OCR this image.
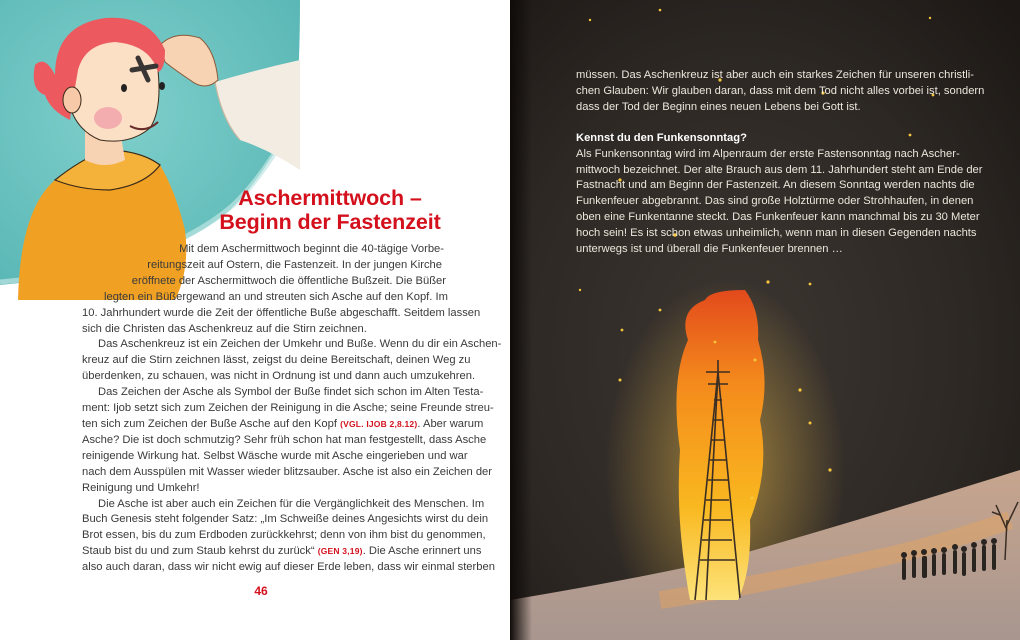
Aschermittwoch –
Beginn der Fastenzeit
Mit dem Aschermittwoch beginnt die 40-tägige Vorbe-
reitungszeit auf Ostern, die Fastenzeit. In der jungen Kirche
eröffnete der Aschermittwoch die öffentliche Bußzeit. Die Büßer
legten ein Büßergewand an und streuten sich Asche auf den Kopf. Im
10. Jahrhundert wurde die Zeit der öffentliche Buße abgeschafft. Seitdem lassen
sich die Christen das Aschenkreuz auf die Stirn zeichnen.
Das Aschenkreuz ist ein Zeichen der Umkehr und Buße. Wenn du dir ein Aschen-
kreuz auf die Stirn zeichnen lässt, zeigst du deine Bereitschaft, deinen Weg zu
überdenken, zu schauen, was nicht in Ordnung ist und dann auch umzukehren.
Das Zeichen der Asche als Symbol der Buße findet sich schon im Alten Testa-
ment: Ijob setzt sich zum Zeichen der Reinigung in die Asche; seine Freunde streu-
ten sich zum Zeichen der Buße Asche auf den Kopf (VGL. IJOB 2,8.12). Aber warum
Asche? Die ist doch schmutzig? Sehr früh schon hat man festgestellt, dass Asche
reinigende Wirkung hat. Selbst Wäsche wurde mit Asche eingerieben und war
nach dem Ausspülen mit Wasser wieder blitzsauber. Asche ist also ein Zeichen der
Reinigung und Umkehr!
Die Asche ist aber auch ein Zeichen für die Vergänglichkeit des Menschen. Im
Buch Genesis steht folgender Satz: „Im Schweiße deines Angesichts wirst du dein
Brot essen, bis du zum Erdboden zurückkehrst; denn von ihm bist du genommen,
Staub bist du und zum Staub kehrst du zurück“ (GEN 3,19). Die Asche erinnert uns
also auch daran, dass wir nicht ewig auf dieser Erde leben, dass wir einmal sterben
46
müssen. Das Aschenkreuz ist aber auch ein starkes Zeichen für unseren christli-
chen Glauben: Wir glauben daran, dass mit dem Tod nicht alles vorbei ist, sondern
dass der Tod der Beginn eines neuen Lebens bei Gott ist.
Kennst du den Funkensonntag?
Als Funkensonntag wird im Alpenraum der erste Fastensonntag nach Ascher-
mittwoch bezeichnet. Der alte Brauch aus dem 11. Jahrhundert steht am Ende der
Fastnacht und am Beginn der Fastenzeit. An diesem Sonntag werden nachts die
Funkenfeuer abgebrannt. Das sind große Holztürme oder Strohhaufen, in denen
oben eine Funkentanne steckt. Das Funkenfeuer kann manchmal bis zu 30 Meter
hoch sein! Es ist schon etwas unheimlich, wenn man in diesen Gegenden nachts
unterwegs ist und überall die Funkenfeuer brennen …
